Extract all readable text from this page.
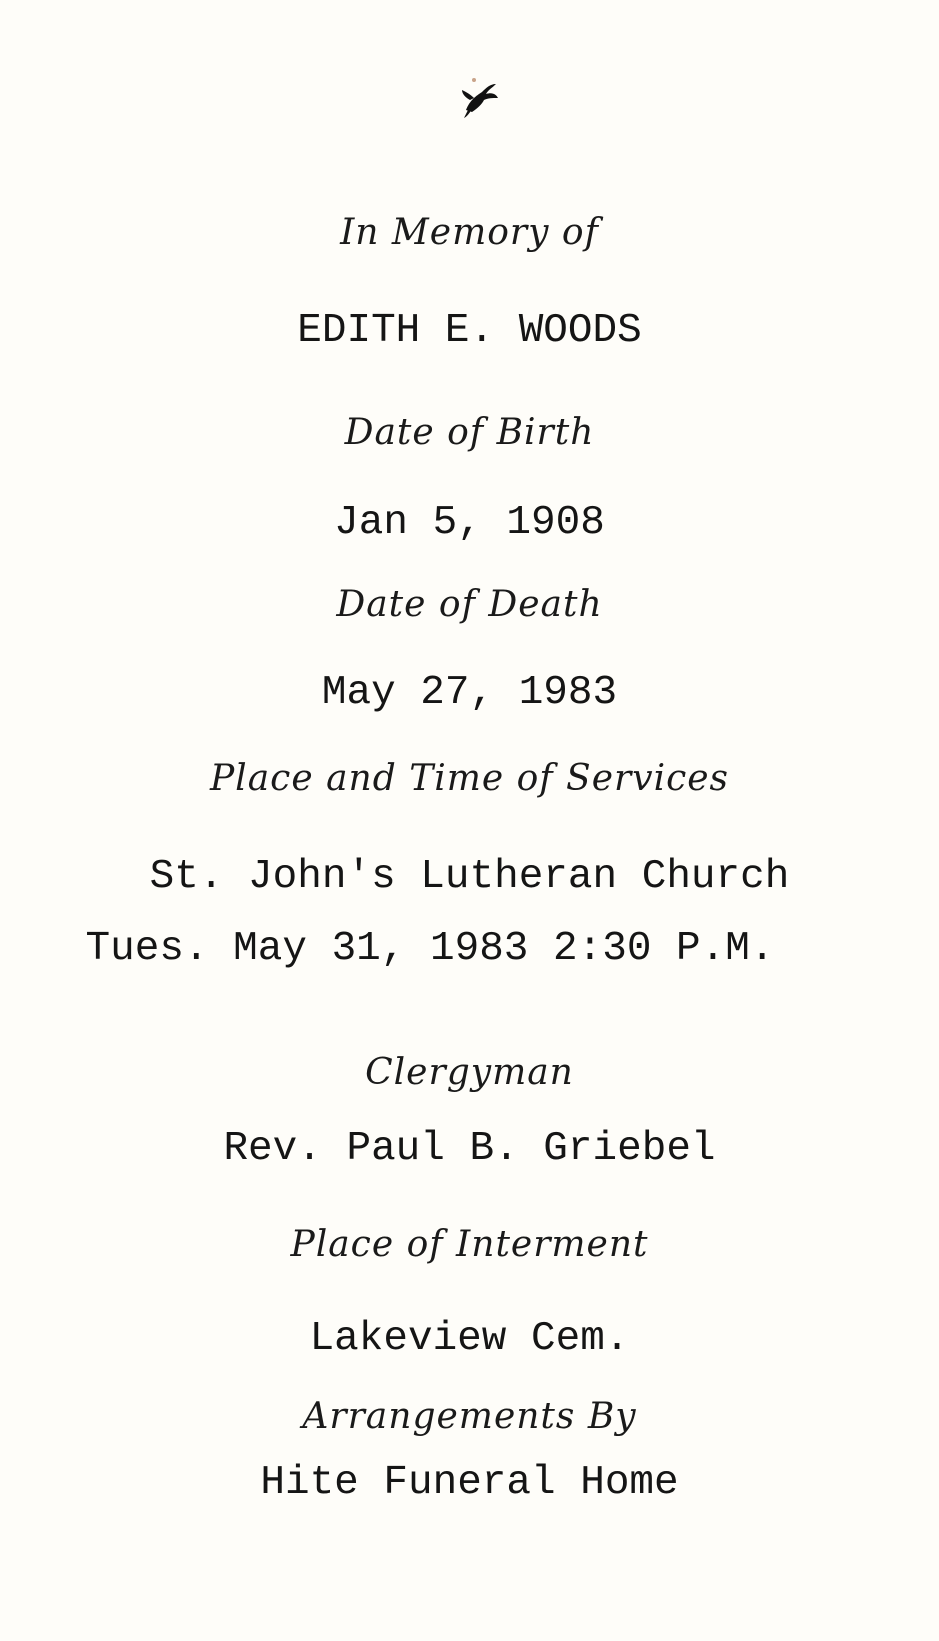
In Memory of
EDITH E. WOODS
Date of Birth
Jan 5, 1908
Date of Death
May 27, 1983
Place and Time of Services
St. John's Lutheran Church
Tues. May 31, 1983 2:30 P.M.
Clergyman
Rev. Paul B. Griebel
Place of Interment
Lakeview Cem.
Arrangements By
Hite Funeral Home
